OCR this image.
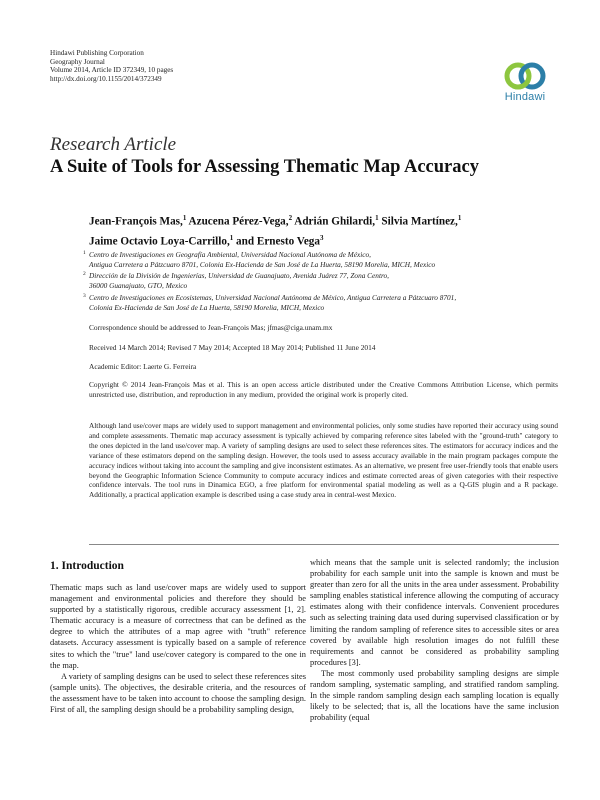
Hindawi Publishing Corporation
Geography Journal
Volume 2014, Article ID 372349, 10 pages
http://dx.doi.org/10.1155/2014/372349
Hindawi
Research Article
A Suite of Tools for Assessing Thematic Map Accuracy
Jean-François Mas,$^1$ Azucena Pérez-Vega,$^2$ Adrián Ghilardi,$^1$ Silvia Martínez,$^1$
Jaime Octavio Loya-Carrillo,$^1$ and Ernesto Vega$^3$
1 Centro de Investigaciones en Geografía Ambiental, Universidad Nacional Autónoma de México,
Antigua Carretera a Pátzcuaro 8701, Colonia Ex-Hacienda de San José de La Huerta, 58190 Morelia, MICH, Mexico
2 Dirección de la División de Ingenierías, Universidad de Guanajuato, Avenida Juárez 77, Zona Centro,
36000 Guanajuato, GTO, Mexico
3 Centro de Investigaciones en Ecosistemas, Universidad Nacional Autónoma de México, Antigua Carretera a Pátzcuaro 8701,
Colonia Ex-Hacienda de San José de La Huerta, 58190 Morelia, MICH, Mexico
Correspondence should be addressed to Jean-François Mas; jfmas@ciga.unam.mx
Received 14 March 2014; Revised 7 May 2014; Accepted 18 May 2014; Published 11 June 2014
Academic Editor: Laerte G. Ferreira
Copyright © 2014 Jean-François Mas et al. This is an open access article distributed under the Creative Commons Attribution License, which permits unrestricted use, distribution, and reproduction in any medium, provided the original work is properly cited.
Although land use/cover maps are widely used to support management and environmental policies, only some studies have reported their accuracy using sound and complete assessments. Thematic map accuracy assessment is typically achieved by comparing reference sites labeled with the "ground-truth" category to the ones depicted in the land use/cover map. A variety of sampling designs are used to select these references sites. The estimators for accuracy indices and the variance of these estimators depend on the sampling design. However, the tools used to assess accuracy available in the main program packages compute the accuracy indices without taking into account the sampling and give inconsistent estimates. As an alternative, we present free user-friendly tools that enable users beyond the Geographic Information Science Community to compute accuracy indices and estimate corrected areas of given categories with their respective confidence intervals. The tool runs in Dinamica EGO, a free platform for environmental spatial modeling as well as a Q-GIS plugin and a R package. Additionally, a practical application example is described using a case study area in central-west Mexico.
1. Introduction

Thematic maps such as land use/cover maps are widely used to support management and environmental policies and therefore they should be supported by a statistically rigorous, credible accuracy assessment [1, 2]. Thematic accuracy is a measure of correctness that can be defined as the degree to which the attributes of a map agree with "truth" reference datasets. Accuracy assessment is typically based on a sample of reference sites to which the "true" land use/cover category is compared to the one in the map.

A variety of sampling designs can be used to select these references sites (sample units). The objectives, the desirable criteria, and the resources of the assessment have to be taken into account to choose the sampling design. First of all, the sampling design should be a probability sampling design,

which means that the sample unit is selected randomly; the inclusion probability for each sample unit into the sample is known and must be greater than zero for all the units in the area under assessment. Probability sampling enables statistical inference allowing the computing of accuracy estimates along with their confidence intervals. Convenient procedures such as selecting training data used during supervised classification or by limiting the random sampling of reference sites to accessible sites or area covered by available high resolution images do not fulfill these requirements and cannot be considered as probability sampling procedures [3].

The most commonly used probability sampling designs are simple random sampling, systematic sampling, and stratified random sampling. In the simple random sampling design each sampling location is equally likely to be selected; that is, all the locations have the same inclusion probability (equal
